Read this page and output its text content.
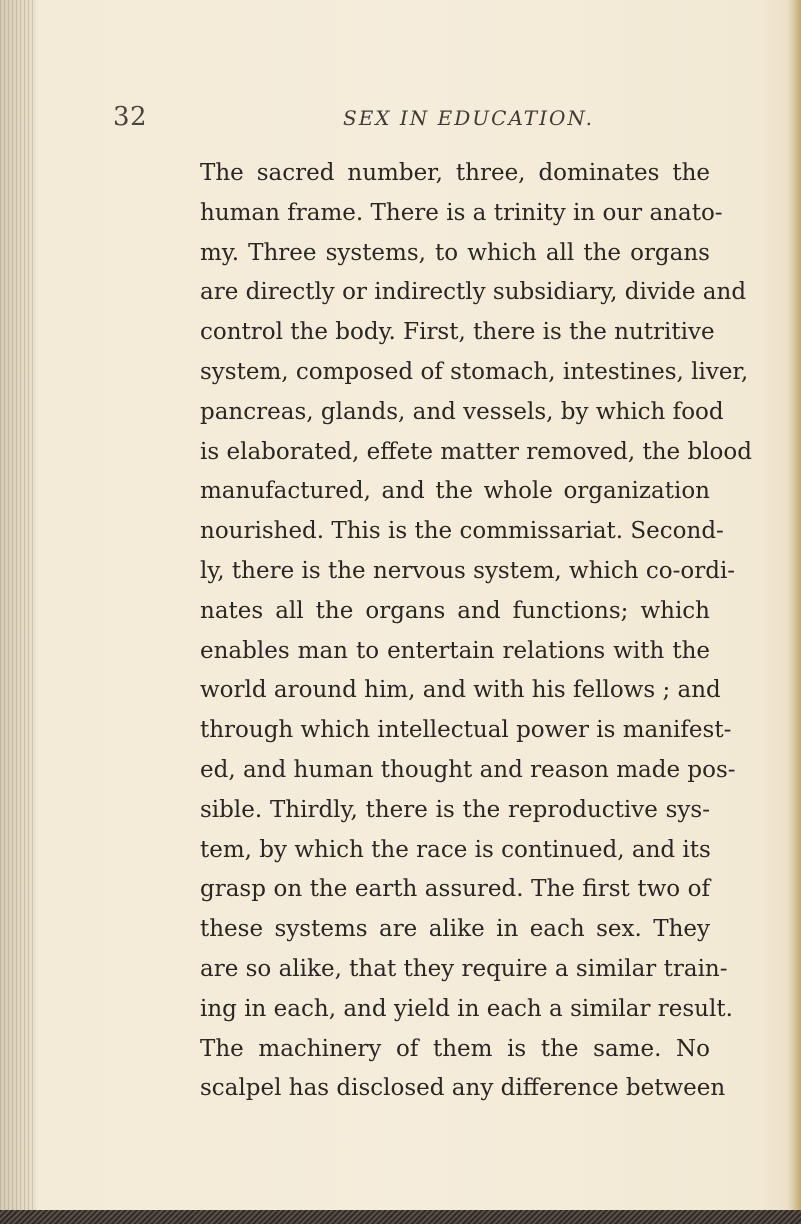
32	SEX IN EDUCATION.
The sacred number, three, dominates the
human frame. There is a trinity in our anato-
my. Three systems, to which all the organs
are directly or indirectly subsidiary, divide and
control the body. First, there is the nutritive
system, composed of stomach, intestines, liver,
pancreas, glands, and vessels, by which food
is elaborated, effete matter removed, the blood
manufactured, and the whole organization
nourished. This is the commissariat. Second-
ly, there is the nervous system, which co-ordi-
nates all the organs and functions; which
enables man to entertain relations with the
world around him, and with his fellows ; and
through which intellectual power is manifest-
ed, and human thought and reason made pos-
sible. Thirdly, there is the reproductive sys-
tem, by which the race is continued, and its
grasp on the earth assured. The first two of
these systems are alike in each sex. They
are so alike, that they require a similar train-
ing in each, and yield in each a similar result.
The machinery of them is the same. No
scalpel has disclosed any difference between
